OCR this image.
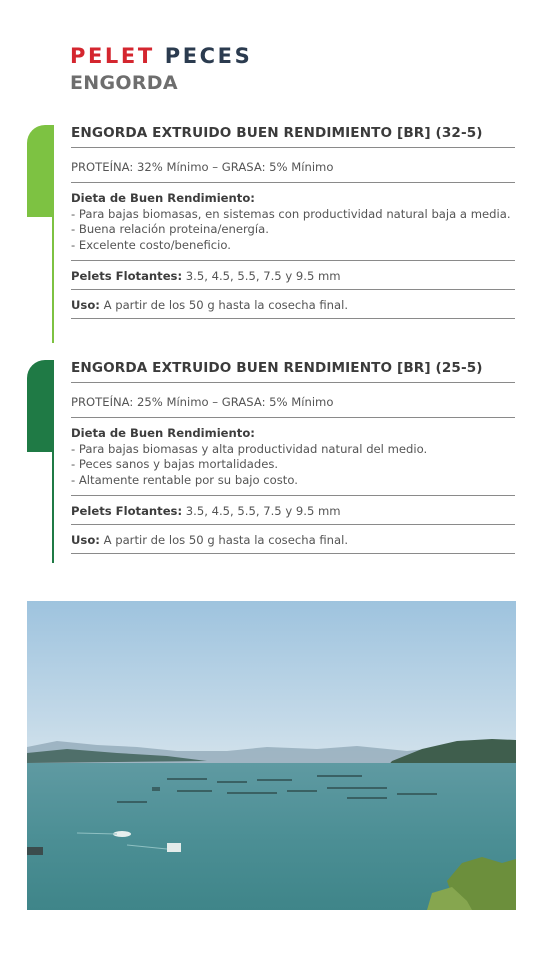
PELET PECES
ENGORDA
ENGORDA EXTRUIDO BUEN RENDIMIENTO [BR] (32-5)
PROTEÍNA: 32% Mínimo – GRASA: 5% Mínimo
Dieta de Buen Rendimiento:
- Para bajas biomasas, en sistemas con productividad natural baja a media.
- Buena relación proteina/energía.
- Excelente costo/beneficio.
Pelets Flotantes: 3.5, 4.5, 5.5, 7.5 y 9.5 mm
Uso: A partir de los 50 g hasta la cosecha final.
ENGORDA EXTRUIDO BUEN RENDIMIENTO [BR] (25-5)
PROTEÍNA: 25% Mínimo – GRASA: 5% Mínimo
Dieta de Buen Rendimiento:
- Para bajas biomasas y alta productividad natural del medio.
- Peces sanos y bajas mortalidades.
- Altamente rentable por su bajo costo.
Pelets Flotantes: 3.5, 4.5, 5.5, 7.5 y 9.5 mm
Uso: A partir de los 50 g hasta la cosecha final.
